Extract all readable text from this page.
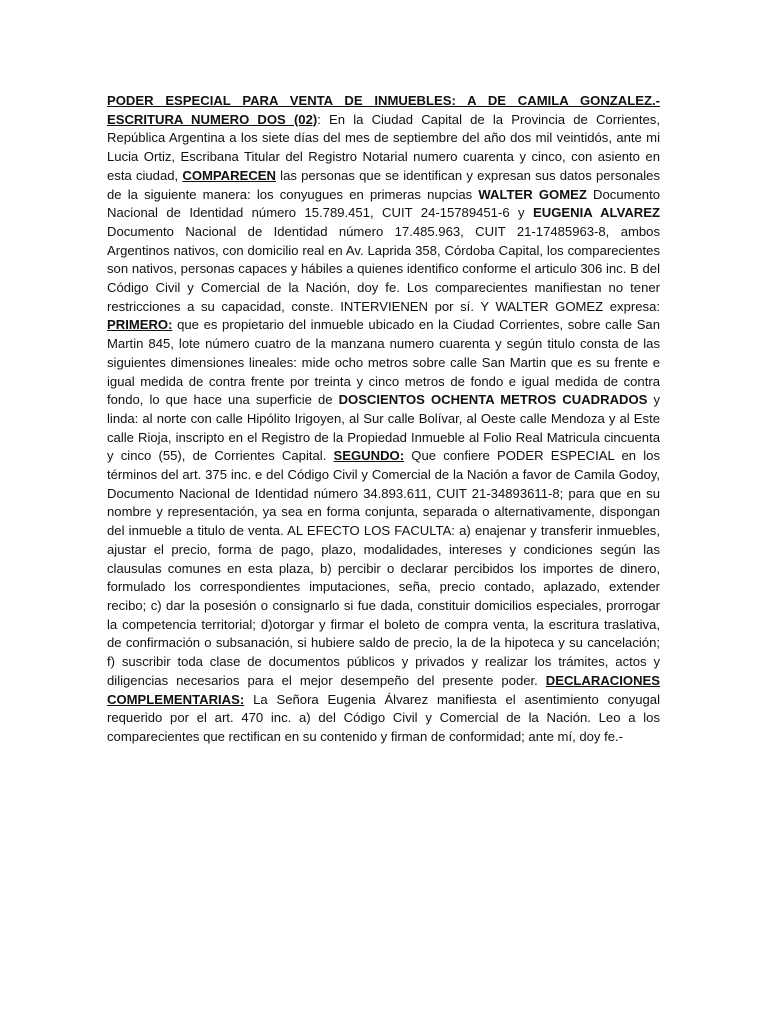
PODER ESPECIAL PARA VENTA DE INMUEBLES: A DE CAMILA GONZALEZ.-ESCRITURA NUMERO DOS (02): En la Ciudad Capital de la Provincia de Corrientes, República Argentina a los siete días del mes de septiembre del año dos mil veintidós, ante mi Lucia Ortiz, Escribana Titular del Registro Notarial numero cuarenta y cinco, con asiento en esta ciudad, COMPARECEN las personas que se identifican y expresan sus datos personales de la siguiente manera: los conyugues en primeras nupcias WALTER GOMEZ Documento Nacional de Identidad número 15.789.451, CUIT 24-15789451-6 y EUGENIA ALVAREZ Documento Nacional de Identidad número 17.485.963, CUIT 21-17485963-8, ambos Argentinos nativos, con domicilio real en Av. Laprida 358, Córdoba Capital, los comparecientes son nativos, personas capaces y hábiles a quienes identifico conforme el articulo 306 inc. B del Código Civil y Comercial de la Nación, doy fe. Los comparecientes manifiestan no tener restricciones a su capacidad, conste. INTERVIENEN por sí. Y WALTER GOMEZ expresa: PRIMERO: que es propietario del inmueble ubicado en la Ciudad Corrientes, sobre calle San Martin 845, lote número cuatro de la manzana numero cuarenta y según titulo consta de las siguientes dimensiones lineales: mide ocho metros sobre calle San Martin que es su frente e igual medida de contra frente por treinta y cinco metros de fondo e igual medida de contra fondo, lo que hace una superficie de DOSCIENTOS OCHENTA METROS CUADRADOS y linda: al norte con calle Hipólito Irigoyen, al Sur calle Bolívar, al Oeste calle Mendoza y al Este calle Rioja, inscripto en el Registro de la Propiedad Inmueble al Folio Real Matricula cincuenta y cinco (55), de Corrientes Capital. SEGUNDO: Que confiere PODER ESPECIAL en los términos del art. 375 inc. e del Código Civil y Comercial de la Nación a favor de Camila Godoy, Documento Nacional de Identidad número 34.893.611, CUIT 21-34893611-8; para que en su nombre y representación, ya sea en forma conjunta, separada o alternativamente, dispongan del inmueble a titulo de venta. AL EFECTO LOS FACULTA: a) enajenar y transferir inmuebles, ajustar el precio, forma de pago, plazo, modalidades, intereses y condiciones según las clausulas comunes en esta plaza, b) percibir o declarar percibidos los importes de dinero, formulado los correspondientes imputaciones, seña, precio contado, aplazado, extender recibo; c) dar la posesión o consignarlo si fue dada, constituir domicilios especiales, prorrogar la competencia territorial; d)otorgar y firmar el boleto de compra venta, la escritura traslativa, de confirmación o subsanación, si hubiere saldo de precio, la de la hipoteca y su cancelación; f) suscribir toda clase de documentos públicos y privados y realizar los trámites, actos y diligencias necesarios para el mejor desempeño del presente poder. DECLARACIONES COMPLEMENTARIAS: La Señora Eugenia Álvarez manifiesta el asentimiento conyugal requerido por el art. 470 inc. a) del Código Civil y Comercial de la Nación. Leo a los comparecientes que rectifican en su contenido y firman de conformidad; ante mí, doy fe.-
